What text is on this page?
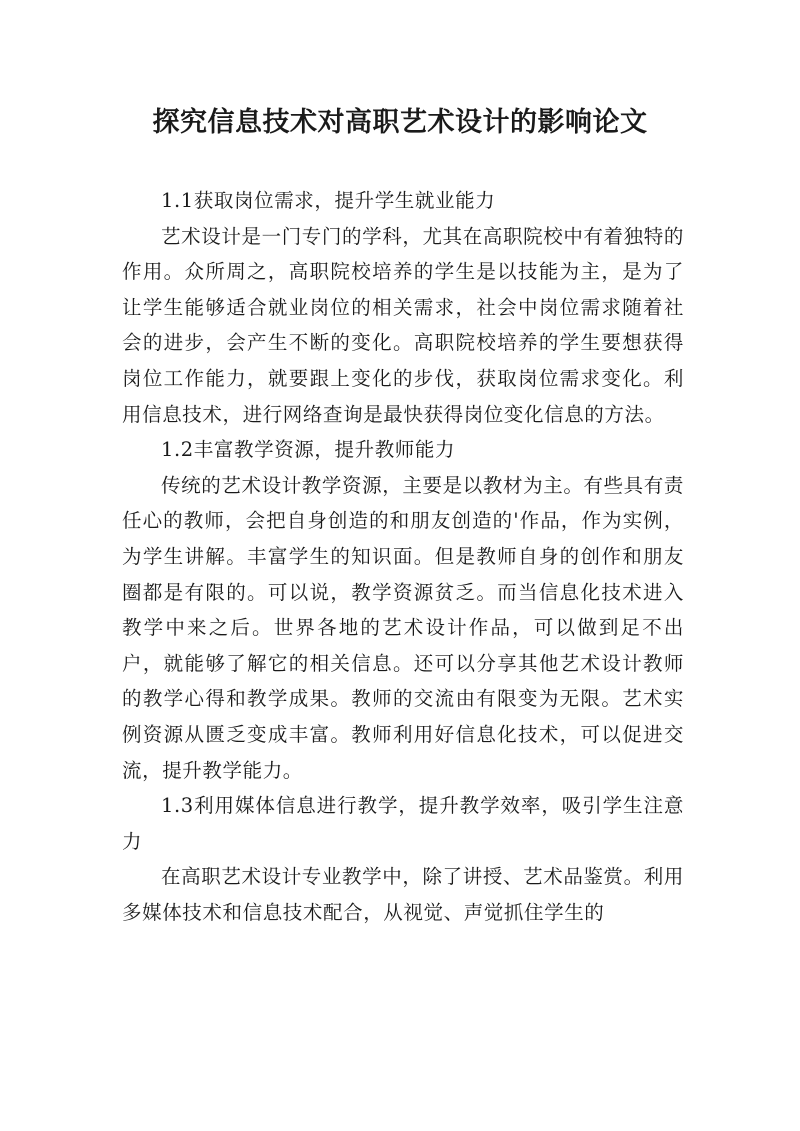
探究信息技术对高职艺术设计的影响论文

1.1获取岗位需求，提升学生就业能力

艺术设计是一门专门的学科，尤其在高职院校中有着独特的作用。众所周之，高职院校培养的学生是以技能为主，是为了让学生能够适合就业岗位的相关需求，社会中岗位需求随着社会的进步，会产生不断的变化。高职院校培养的学生要想获得岗位工作能力，就要跟上变化的步伐，获取岗位需求变化。利用信息技术，进行网络查询是最快获得岗位变化信息的方法。

1.2丰富教学资源，提升教师能力

传统的艺术设计教学资源，主要是以教材为主。有些具有责任心的教师，会把自身创造的和朋友创造的'作品，作为实例，为学生讲解。丰富学生的知识面。但是教师自身的创作和朋友圈都是有限的。可以说，教学资源贫乏。而当信息化技术进入教学中来之后。世界各地的艺术设计作品，可以做到足不出户，就能够了解它的相关信息。还可以分享其他艺术设计教师的教学心得和教学成果。教师的交流由有限变为无限。艺术实例资源从匮乏变成丰富。教师利用好信息化技术，可以促进交流，提升教学能力。

1.3利用媒体信息进行教学，提升教学效率，吸引学生注意力

在高职艺术设计专业教学中，除了讲授、艺术品鉴赏。利用多媒体技术和信息技术配合，从视觉、声觉抓住学生的
